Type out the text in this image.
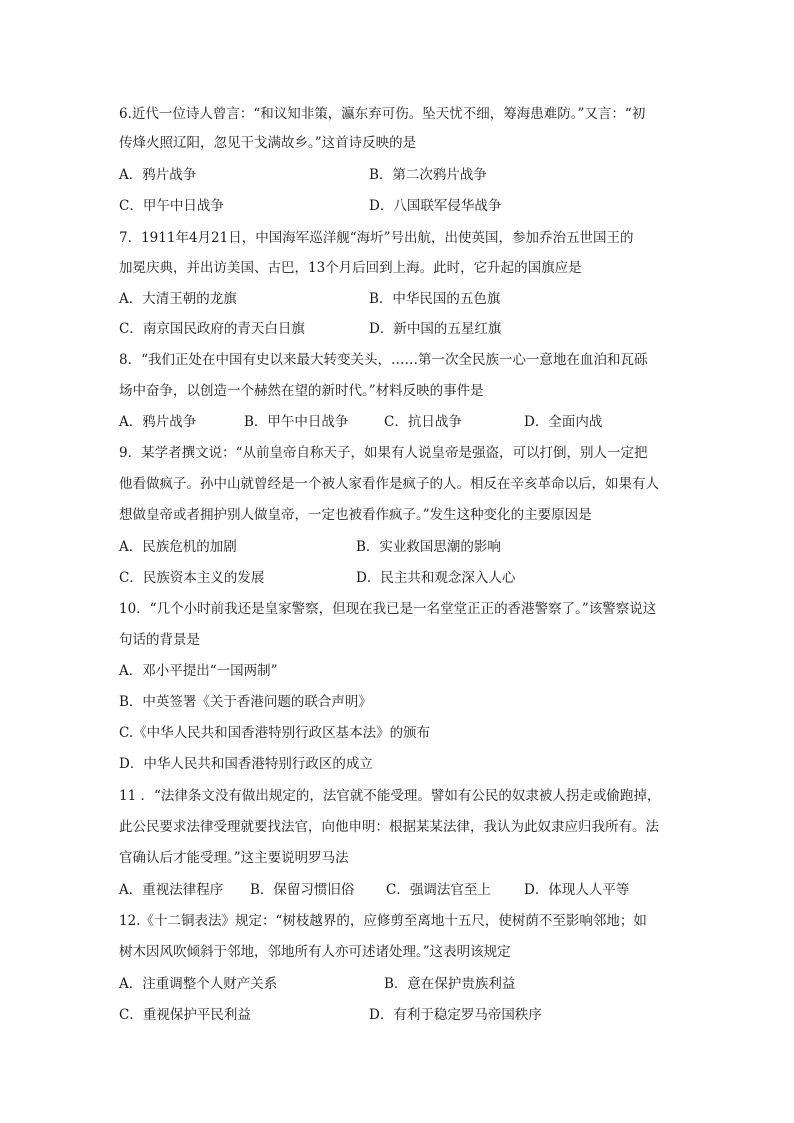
6.近代一位诗人曾言：“和议知非策，瀛东弃可伤。坠天忧不细，筹海患难防。”又言：“初
传烽火照辽阳，忽见干戈满故乡。”这首诗反映的是
A．鸦片战争	B．第二次鸦片战争
C．甲午中日战争	D．八国联军侵华战争
7．1911年4月21日，中国海军巡洋舰“海圻”号出航，出使英国，参加乔治五世国王的
加冕庆典，并出访美国、古巴，13个月后回到上海。此时，它升起的国旗应是
A．大清王朝的龙旗	B．中华民国的五色旗
C．南京国民政府的青天白日旗	D．新中国的五星红旗
8．“我们正处在中国有史以来最大转变关头，……第一次全民族一心一意地在血泊和瓦砾
场中奋争，以创造一个赫然在望的新时代。”材料反映的事件是
A．鸦片战争	B．甲午中日战争	C．抗日战争	D．全面内战
9．某学者撰文说：“从前皇帝自称天子，如果有人说皇帝是强盗，可以打倒，别人一定把
他看做疯子。孙中山就曾经是一个被人家看作是疯子的人。相反在辛亥革命以后，如果有人
想做皇帝或者拥护别人做皇帝，一定也被看作疯子。”发生这种变化的主要原因是
A．民族危机的加剧	B．实业救国思潮的影响
C．民族资本主义的发展	D．民主共和观念深入人心
10．“几个小时前我还是皇家警察，但现在我已是一名堂堂正正的香港警察了。”该警察说这
句话的背景是
A．邓小平提出“一国两制”
B．中英签署《关于香港问题的联合声明》
C.《中华人民共和国香港特别行政区基本法》的颁布
D．中华人民共和国香港特别行政区的成立
11 ．“法律条文没有做出规定的，法官就不能受理。譬如有公民的奴隶被人拐走或偷跑掉，
此公民要求法律受理就要找法官，向他申明：根据某某法律，我认为此奴隶应归我所有。法
官确认后才能受理。”这主要说明罗马法
A．重视法律程序 B．保留习惯旧俗 C．强调法官至上 D．体现人人平等
12.《十二铜表法》规定：“树枝越界的，应修剪至离地十五尺，使树荫不至影响邻地；如
树木因风吹倾斜于邻地，邻地所有人亦可述诸处理。”这表明该规定
A．注重调整个人财产关系	B．意在保护贵族利益
C．重视保护平民利益	D．有利于稳定罗马帝国秩序
